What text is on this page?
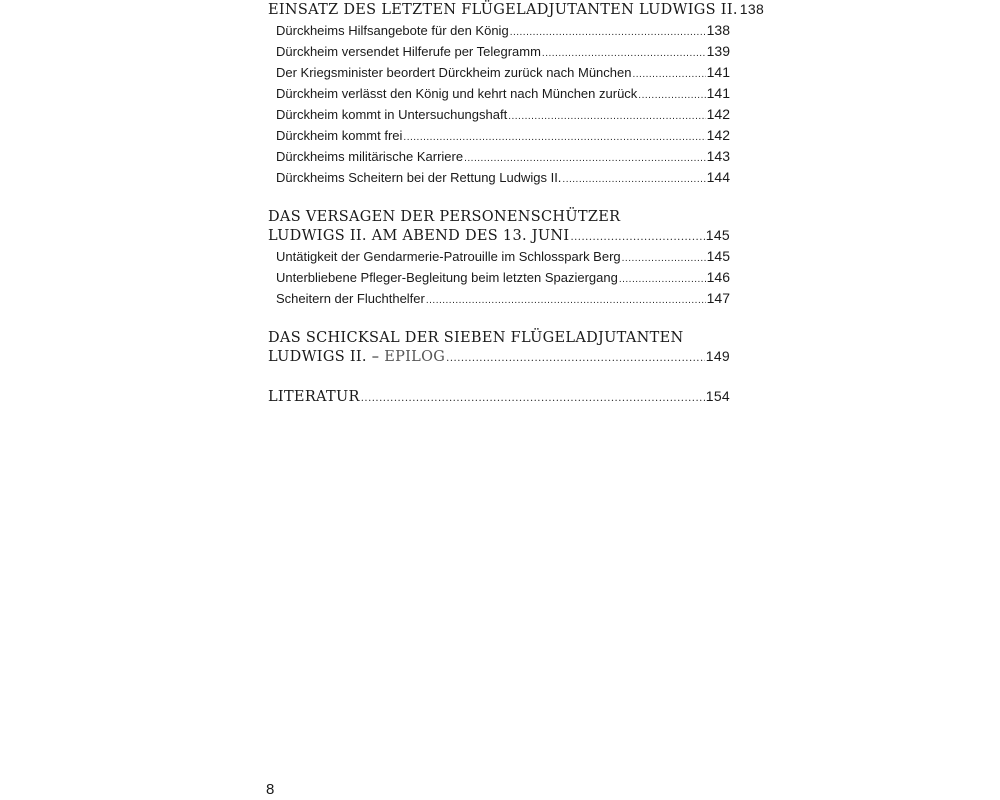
EINSATZ DES LETZTEN FLÜGELADJUTANTEN LUDWIGS II. 138
Dürckheims Hilfsangebote für den König .....	138
Dürckheim versendet Hilferufe per Telegramm .....	139
Der Kriegsminister beordert Dürckheim zurück nach München .....	141
Dürckheim verlässt den König und kehrt nach München zurück .....	141
Dürckheim kommt in Untersuchungshaft .....	142
Dürckheim kommt frei .....	142
Dürckheims militärische Karriere .....	143
Dürckheims Scheitern bei der Rettung Ludwigs II. .....	144
DAS VERSAGEN DER PERSONENSCHÜTZER
LUDWIGS II. AM ABEND DES 13. JUNI .....	145
Untätigkeit der Gendarmerie-Patrouille im Schlosspark Berg .....	145
Unterbliebene Pfleger-Begleitung beim letzten Spaziergang .....	146
Scheitern der Fluchthelfer .....	147
DAS SCHICKSAL DER SIEBEN FLÜGELADJUTANTEN
LUDWIGS II. – EPILOG .....	149
LITERATUR .....	154
8
